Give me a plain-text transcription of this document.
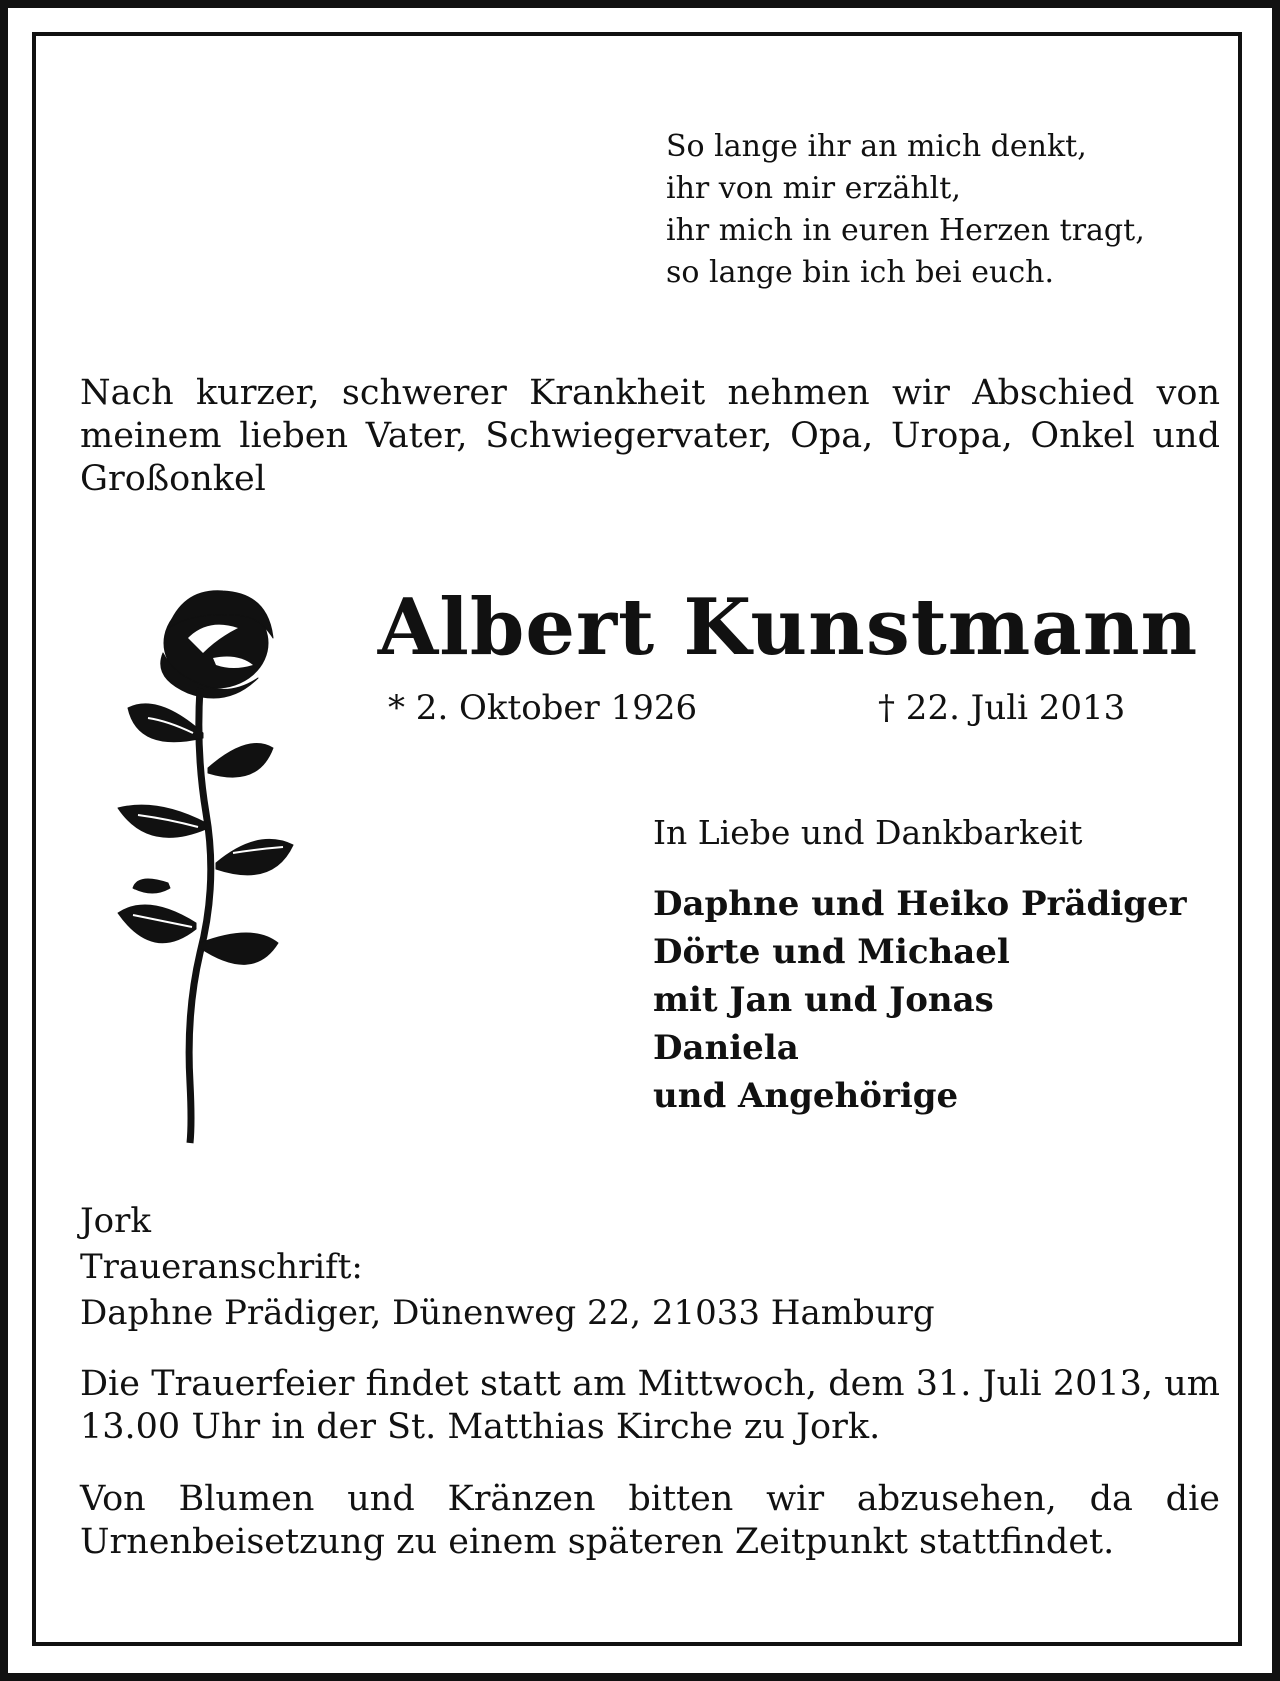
So lange ihr an mich denkt,
ihr von mir erzählt,
ihr mich in euren Herzen tragt,
so lange bin ich bei euch.
Nach kurzer, schwerer Krankheit nehmen wir Abschied von meinem lieben Vater, Schwiegervater, Opa, Uropa, Onkel und Großonkel
Albert Kunstmann
* 2. Oktober 1926	† 22. Juli 2013
In Liebe und Dankbarkeit
Daphne und Heiko Prädiger
Dörte und Michael
mit Jan und Jonas
Daniela
und Angehörige
Jork
Traueranschrift:
Daphne Prädiger, Dünenweg 22, 21033 Hamburg
Die Trauerfeier findet statt am Mittwoch, dem 31. Juli 2013, um 13.00 Uhr in der St. Matthias Kirche zu Jork.
Von Blumen und Kränzen bitten wir abzusehen, da die Urnenbeisetzung zu einem späteren Zeitpunkt stattfindet.
